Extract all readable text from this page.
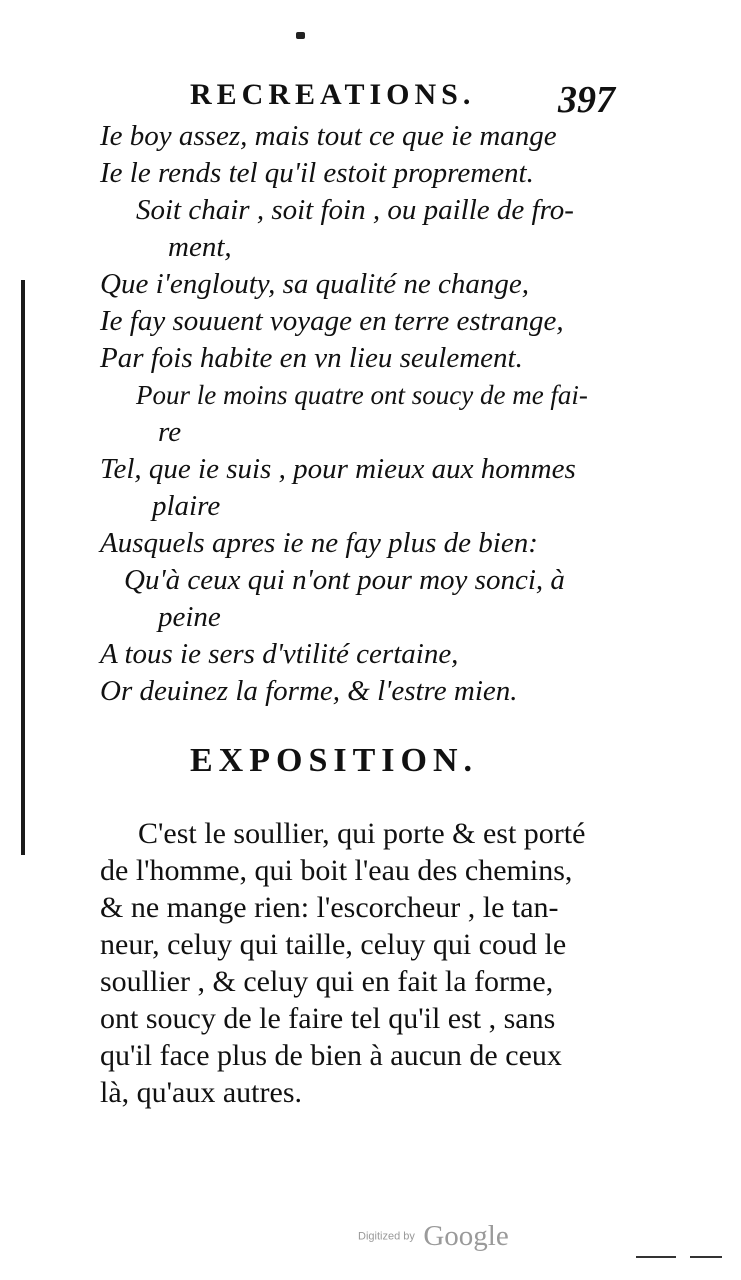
RECREATIONS.	397
Ie boy assez, mais tout ce que ie mange
Ie le rends tel qu'il estoit proprement.
Soit chair , soit foin , ou paille de fro-
ment,
Que i'englouty, sa qualité ne change,
Ie fay souuent voyage en terre estrange,
Par fois habite en vn lieu seulement.
Pour le moins quatre ont soucy de me fai-
re
Tel, que ie suis , pour mieux aux hommes
plaire
Ausquels apres ie ne fay plus de bien:
Qu'à ceux qui n'ont pour moy sonci, à
peine
A tous ie sers d'vtilité certaine,
Or deuinez la forme, & l'estre mien.
EXPOSITION.
C'est le soullier, qui porte & est porté
de l'homme, qui boit l'eau des chemins,
& ne mange rien: l'escorcheur , le tan-
neur, celuy qui taille, celuy qui coud le
soullier , & celuy qui en fait la forme,
ont soucy de le faire tel qu'il est , sans
qu'il face plus de bien à aucun de ceux
là, qu'aux autres.
Digitized by Google
